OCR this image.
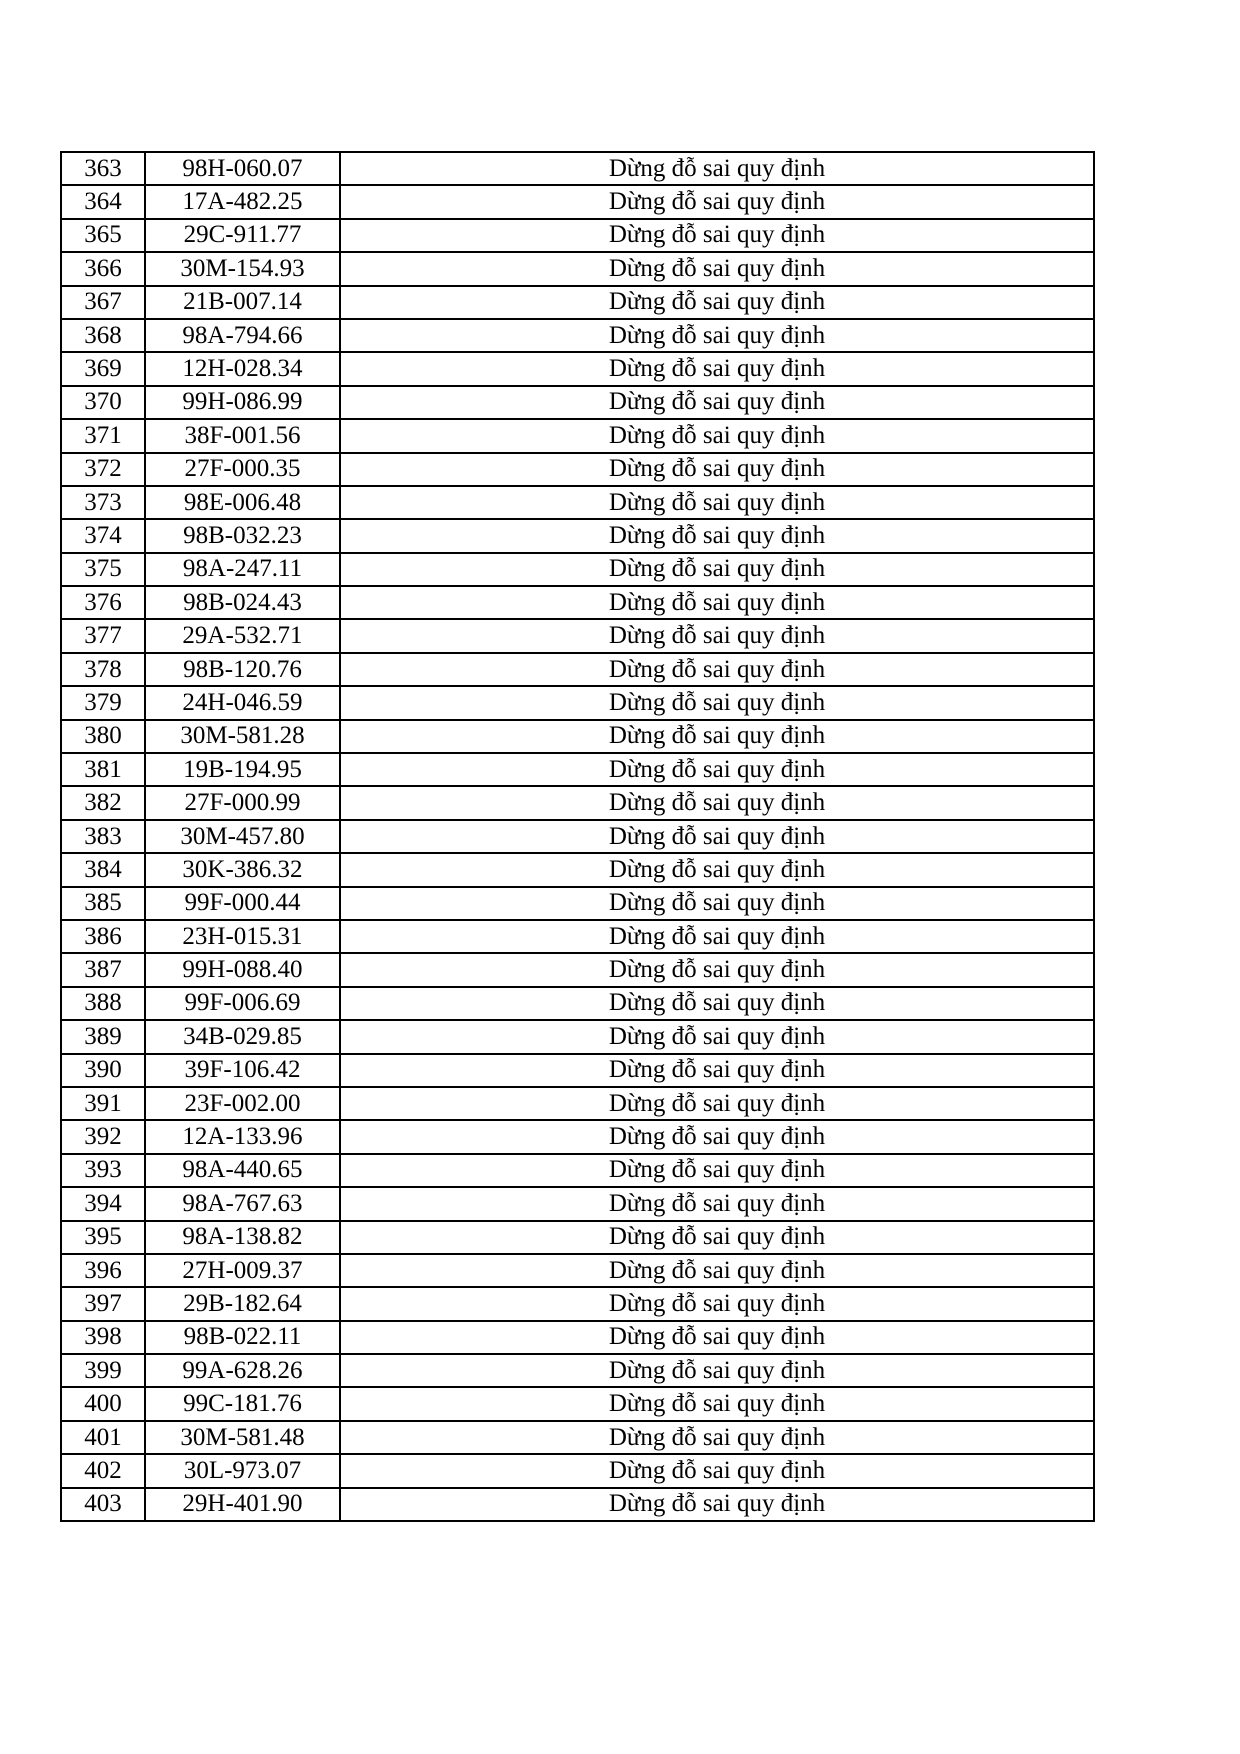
363	98H-060.07	Dừng đỗ sai quy định
364	17A-482.25	Dừng đỗ sai quy định
365	29C-911.77	Dừng đỗ sai quy định
366	30M-154.93	Dừng đỗ sai quy định
367	21B-007.14	Dừng đỗ sai quy định
368	98A-794.66	Dừng đỗ sai quy định
369	12H-028.34	Dừng đỗ sai quy định
370	99H-086.99	Dừng đỗ sai quy định
371	38F-001.56	Dừng đỗ sai quy định
372	27F-000.35	Dừng đỗ sai quy định
373	98E-006.48	Dừng đỗ sai quy định
374	98B-032.23	Dừng đỗ sai quy định
375	98A-247.11	Dừng đỗ sai quy định
376	98B-024.43	Dừng đỗ sai quy định
377	29A-532.71	Dừng đỗ sai quy định
378	98B-120.76	Dừng đỗ sai quy định
379	24H-046.59	Dừng đỗ sai quy định
380	30M-581.28	Dừng đỗ sai quy định
381	19B-194.95	Dừng đỗ sai quy định
382	27F-000.99	Dừng đỗ sai quy định
383	30M-457.80	Dừng đỗ sai quy định
384	30K-386.32	Dừng đỗ sai quy định
385	99F-000.44	Dừng đỗ sai quy định
386	23H-015.31	Dừng đỗ sai quy định
387	99H-088.40	Dừng đỗ sai quy định
388	99F-006.69	Dừng đỗ sai quy định
389	34B-029.85	Dừng đỗ sai quy định
390	39F-106.42	Dừng đỗ sai quy định
391	23F-002.00	Dừng đỗ sai quy định
392	12A-133.96	Dừng đỗ sai quy định
393	98A-440.65	Dừng đỗ sai quy định
394	98A-767.63	Dừng đỗ sai quy định
395	98A-138.82	Dừng đỗ sai quy định
396	27H-009.37	Dừng đỗ sai quy định
397	29B-182.64	Dừng đỗ sai quy định
398	98B-022.11	Dừng đỗ sai quy định
399	99A-628.26	Dừng đỗ sai quy định
400	99C-181.76	Dừng đỗ sai quy định
401	30M-581.48	Dừng đỗ sai quy định
402	30L-973.07	Dừng đỗ sai quy định
403	29H-401.90	Dừng đỗ sai quy định
